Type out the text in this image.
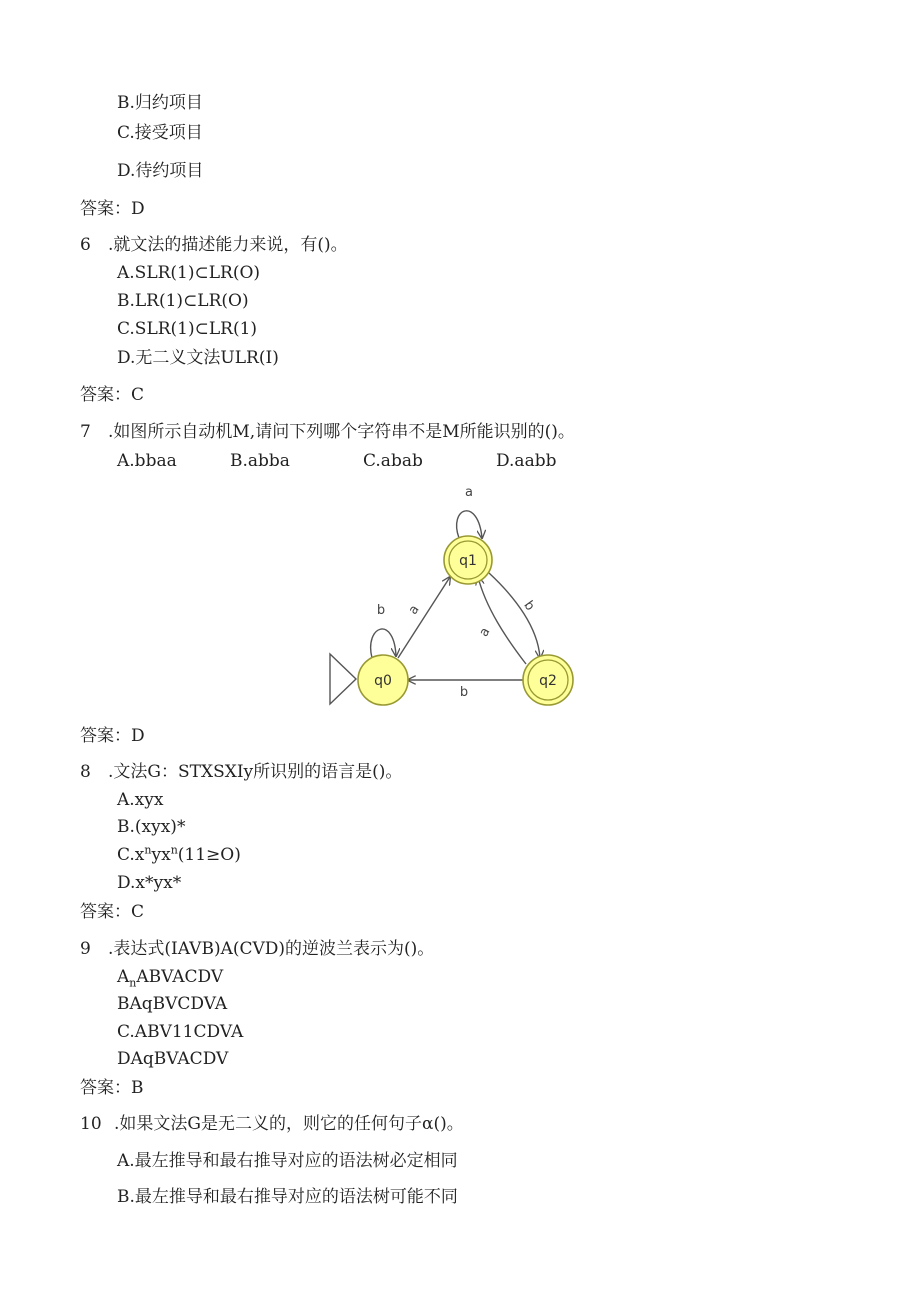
B.归约项目
C.接受项目
D.待约项目
答案：D
6 .就文法的描述能力来说，有()。
A.SLR(1)⊂LR(O)
B.LR(1)⊂LR(O)
C.SLR(1)⊂LR(1)
D.无二义文法ULR(I)
答案：C
7 .如图所示自动机M,请问下列哪个字符串不是M所能识别的()。
A.bbaa	B.abba	C.abab	D.aabb
q1
q0	q2
a
b a	b
a
b
答案：D
8 .文法G：STXSXIy所识别的语言是()。
A.xyx
B.(xyx)*
$C.x^nyx^n(11\ge O)$
D.x*yx*
答案：C
9 .表达式(IAVB)A(CVD)的逆波兰表示为()。
$A_nABVACDV$
BAqBVCDVA
C.ABV11CDVA
DAqBVACDV
答案：B
10 .如果文法G是无二义的，则它的任何句子α()。
A.最左推导和最右推导对应的语法树必定相同
B.最左推导和最右推导对应的语法树可能不同
